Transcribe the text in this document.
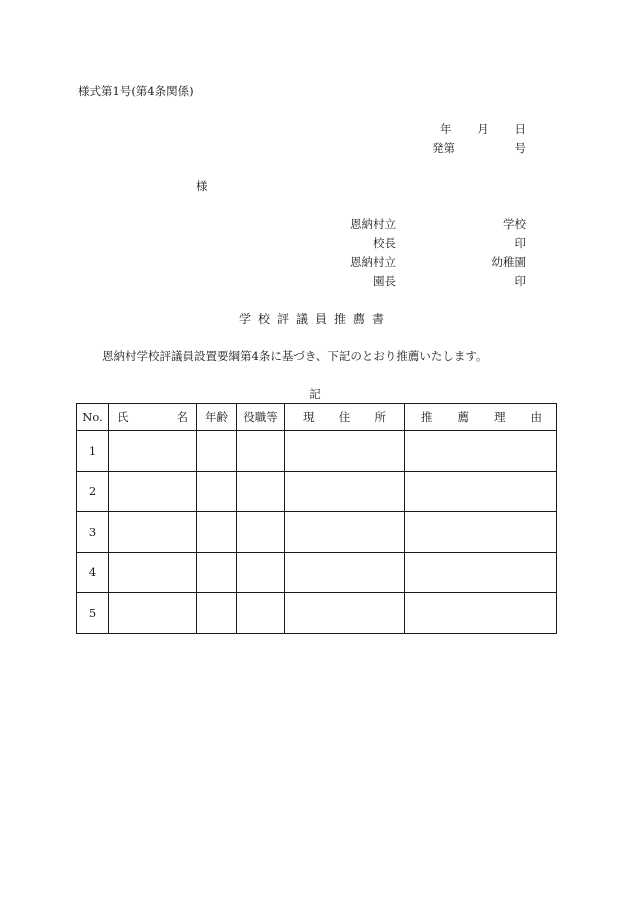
様式第1号(第4条関係)
年 月 日
発第	号
様
恩納村立	学校
校長	印
恩納村立	幼稚園
園長	印
学校評議員推薦書
恩納村学校評議員設置要綱第4条に基づき、下記のとおり推薦いたします。
記
No.	氏 名	年齢	役職等	現 住 所	推 薦 理 由

1					
2					
3					
4					
5					
